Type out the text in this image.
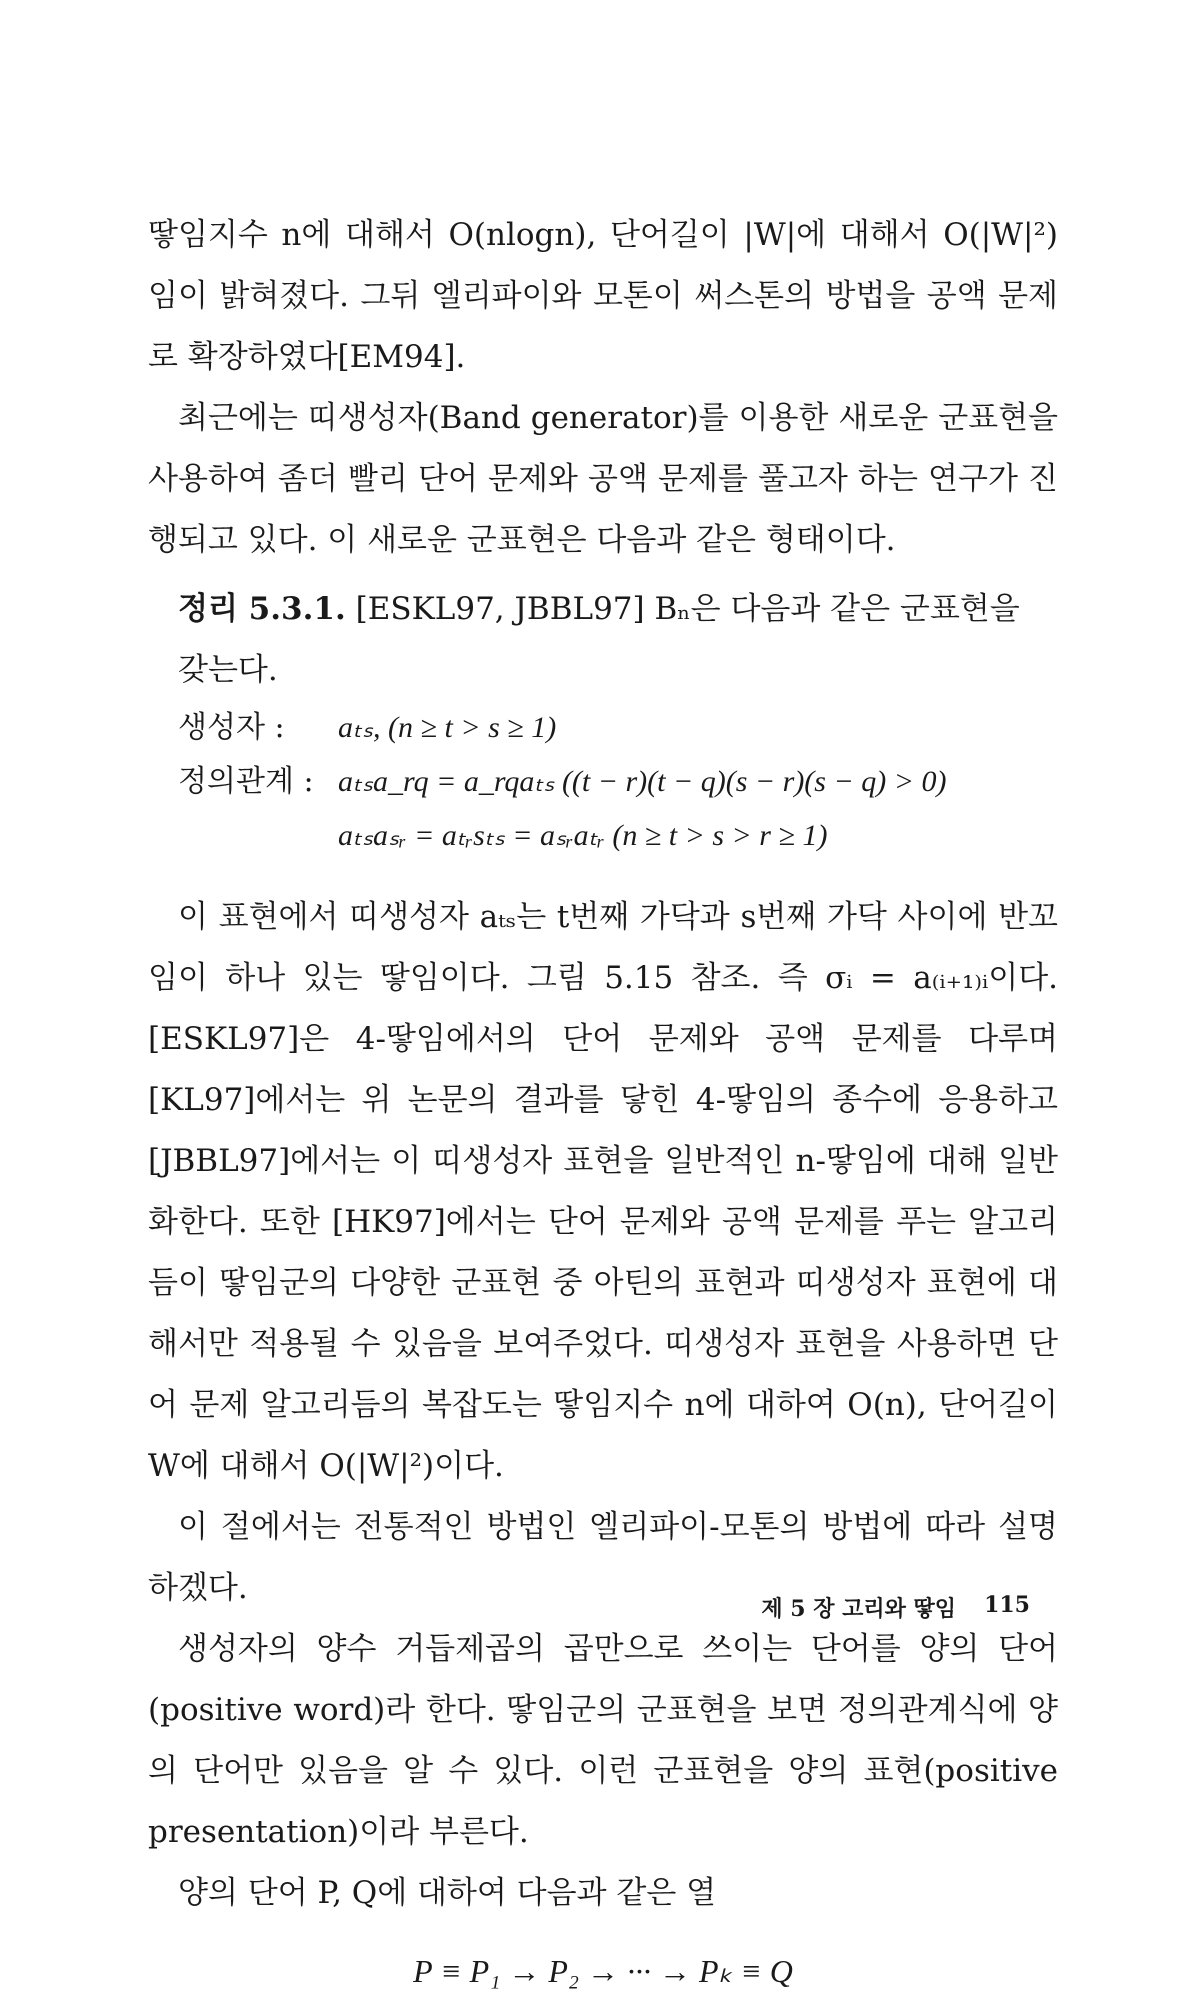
땋임지수 n에 대해서 O(nlogn), 단어길이 |W|에 대해서 O(|W|²)임이 밝혀졌다. 그뒤 엘리파이와 모톤이 써스톤의 방법을 공액 문제로 확장하였다[EM94].

최근에는 띠생성자(Band generator)를 이용한 새로운 군표현을 사용하여 좀더 빨리 단어 문제와 공액 문제를 풀고자 하는 연구가 진행되고 있다. 이 새로운 군표현은 다음과 같은 형태이다.

정리 5.3.1. [ESKL97, JBBL97] Bₙ은 다음과 같은 군표현을 갖는다.
생성자 :	aₜₛ, (n ≥ t > s ≥ 1)
정의관계 : aₜₛa_rq = a_rqaₜₛ ((t − r)(t − q)(s − r)(s − q) > 0)
aₜₛaₛᵣ = aₜᵣsₜₛ = aₛᵣaₜᵣ (n ≥ t > s > r ≥ 1)

이 표현에서 띠생성자 aₜₛ는 t번째 가닥과 s번째 가닥 사이에 반꼬임이 하나 있는 땋임이다. 그림 5.15 참조. 즉 σᵢ = a₍ᵢ₊₁₎ᵢ이다. [ESKL97]은 4-땋임에서의 단어 문제와 공액 문제를 다루며 [KL97]에서는 위 논문의 결과를 닿힌 4-땋임의 종수에 응용하고 [JBBL97]에서는 이 띠생성자 표현을 일반적인 n-땋임에 대해 일반화한다. 또한 [HK97]에서는 단어 문제와 공액 문제를 푸는 알고리듬이 땋임군의 다양한 군표현 중 아틴의 표현과 띠생성자 표현에 대해서만 적용될 수 있음을 보여주었다. 띠생성자 표현을 사용하면 단어 문제 알고리듬의 복잡도는 땋임지수 n에 대하여 O(n), 단어길이 W에 대해서 O(|W|²)이다.

이 절에서는 전통적인 방법인 엘리파이-모톤의 방법에 따라 설명하겠다.

생성자의 양수 거듭제곱의 곱만으로 쓰이는 단어를 양의 단어 (positive word)라 한다. 땋임군의 군표현을 보면 정의관계식에 양의 단어만 있음을 알 수 있다. 이런 군표현을 양의 표현(positive presentation)이라 부른다.

양의 단어 P, Q에 대하여 다음과 같은 열

P ≡ P₁ → P₂ → ··· → Pₖ ≡ Q
제 5 장 고리와 땋임 115
